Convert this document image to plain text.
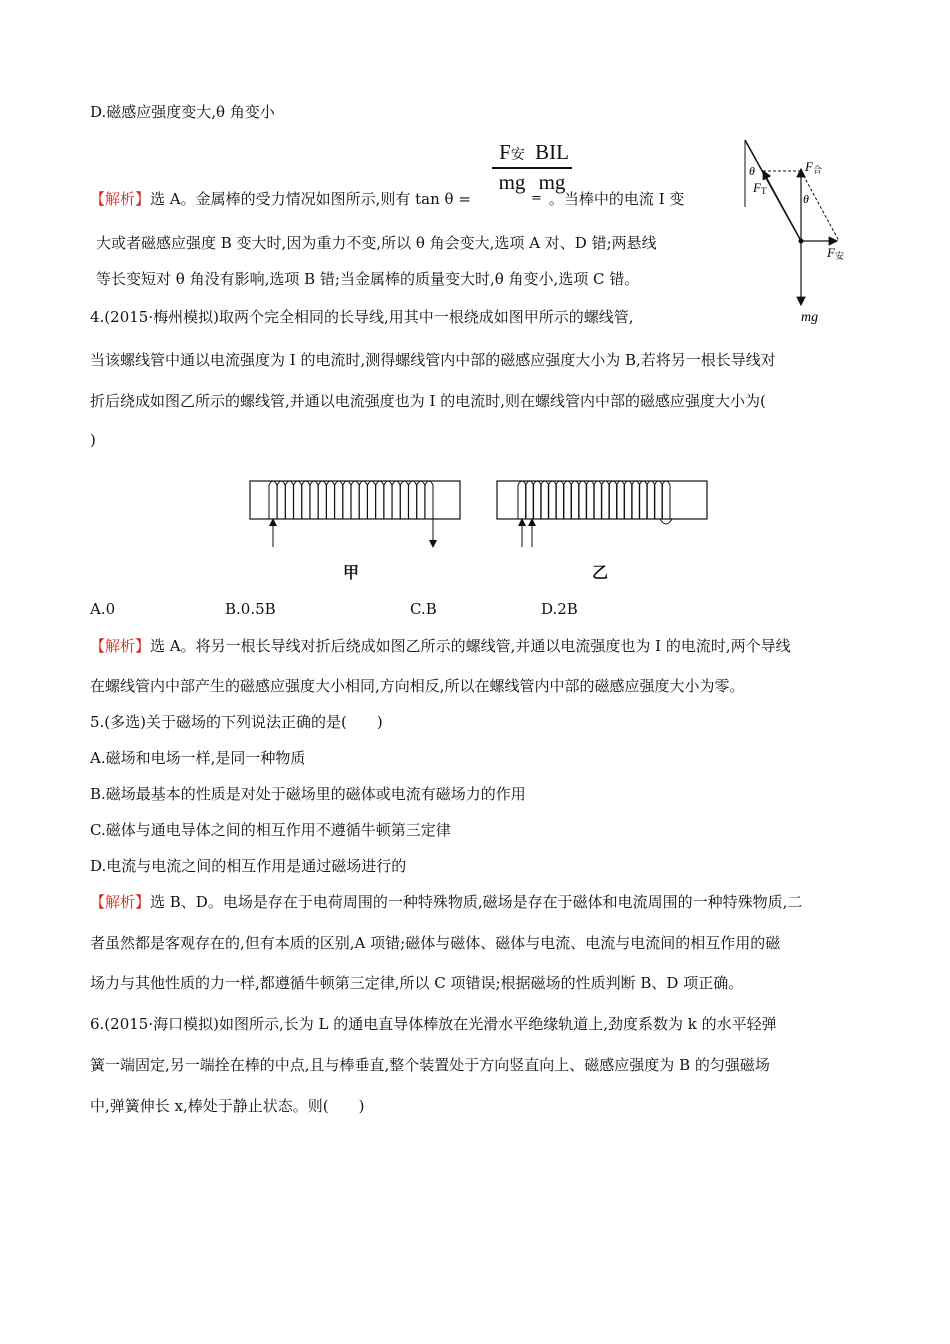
D.磁感应强度变大,θ 角变小
F安
mg
=
BIL
mg
【解析】选 A。金属棒的受力情况如图所示,则有 tan θ =	。当棒中的电流 I 变
大或者磁感应强度 B 变大时,因为重力不变,所以 θ 角会变大,选项 A 对、D 错;两悬线
等长变短对 θ 角没有影响,选项 B 错;当金属棒的质量变大时,θ 角变小,选项 C 错。
θ
θ
F合
FT
F安
mg
4.(2015·梅州模拟)取两个完全相同的长导线,用其中一根绕成如图甲所示的螺线管,
当该螺线管中通以电流强度为 I 的电流时,测得螺线管内中部的磁感应强度大小为 B,若将另一根长导线对
折后绕成如图乙所示的螺线管,并通以电流强度也为 I 的电流时,则在螺线管内中部的磁感应强度大小为(
)
甲	乙
A.0	B.0.5B	C.B	D.2B
【解析】选 A。将另一根长导线对折后绕成如图乙所示的螺线管,并通以电流强度也为 I 的电流时,两个导线
在螺线管内中部产生的磁感应强度大小相同,方向相反,所以在螺线管内中部的磁感应强度大小为零。
5.(多选)关于磁场的下列说法正确的是(　　)
A.磁场和电场一样,是同一种物质
B.磁场最基本的性质是对处于磁场里的磁体或电流有磁场力的作用
C.磁体与通电导体之间的相互作用不遵循牛顿第三定律
D.电流与电流之间的相互作用是通过磁场进行的
【解析】选 B、D。电场是存在于电荷周围的一种特殊物质,磁场是存在于磁体和电流周围的一种特殊物质,二
者虽然都是客观存在的,但有本质的区别,A 项错;磁体与磁体、磁体与电流、电流与电流间的相互作用的磁
场力与其他性质的力一样,都遵循牛顿第三定律,所以 C 项错误;根据磁场的性质判断 B、D 项正确。
6.(2015·海口模拟)如图所示,长为 L 的通电直导体棒放在光滑水平绝缘轨道上,劲度系数为 k 的水平轻弹
簧一端固定,另一端拴在棒的中点,且与棒垂直,整个装置处于方向竖直向上、磁感应强度为 B 的匀强磁场
中,弹簧伸长 x,棒处于静止状态。则(　　)
